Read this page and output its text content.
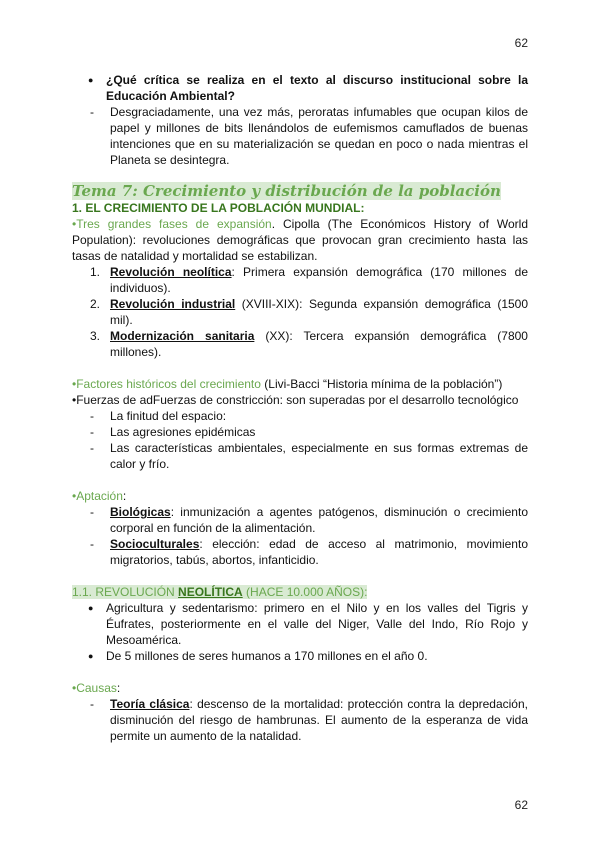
62
● ¿Qué crítica se realiza en el texto al discurso institucional sobre la Educación Ambiental?
- Desgraciadamente, una vez más, peroratas infumables que ocupan kilos de papel y millones de bits llenándolos de eufemismos camuflados de buenas intenciones que en su materialización se quedan en poco o nada mientras el Planeta se desintegra.
Tema 7: Crecimiento y distribución de la población
1. EL CRECIMIENTO DE LA POBLACIÓN MUNDIAL:
•Tres grandes fases de expansión. Cipolla (The Económicos History of World Population): revoluciones demográficas que provocan gran crecimiento hasta las tasas de natalidad y mortalidad se estabilizan.
1. Revolución neolítica: Primera expansión demográfica (170 millones de individuos).
2. Revolución industrial (XVIII-XIX): Segunda expansión demográfica (1500 mil).
3. Modernización sanitaria (XX): Tercera expansión demográfica (7800 millones).
•Factores históricos del crecimiento (Livi-Bacci “Historia mínima de la población”)
•Fuerzas de adFuerzas de constricción: son superadas por el desarrollo tecnológico
- La finitud del espacio:
- Las agresiones epidémicas
- Las características ambientales, especialmente en sus formas extremas de calor y frío.
•Aptación:
- Biológicas: inmunización a agentes patógenos, disminución o crecimiento corporal en función de la alimentación.
- Socioculturales: elección: edad de acceso al matrimonio, movimiento migratorios, tabús, abortos, infanticidio.
1.1. REVOLUCIÓN NEOLÍTICA (HACE 10.000 AÑOS):
● Agricultura y sedentarismo: primero en el Nilo y en los valles del Tigris y Éufrates, posteriormente en el valle del Niger, Valle del Indo, Río Rojo y Mesoamérica.
● De 5 millones de seres humanos a 170 millones en el año 0.
•Causas:
- Teoría clásica: descenso de la mortalidad: protección contra la depredación, disminución del riesgo de hambrunas. El aumento de la esperanza de vida permite un aumento de la natalidad.
62
